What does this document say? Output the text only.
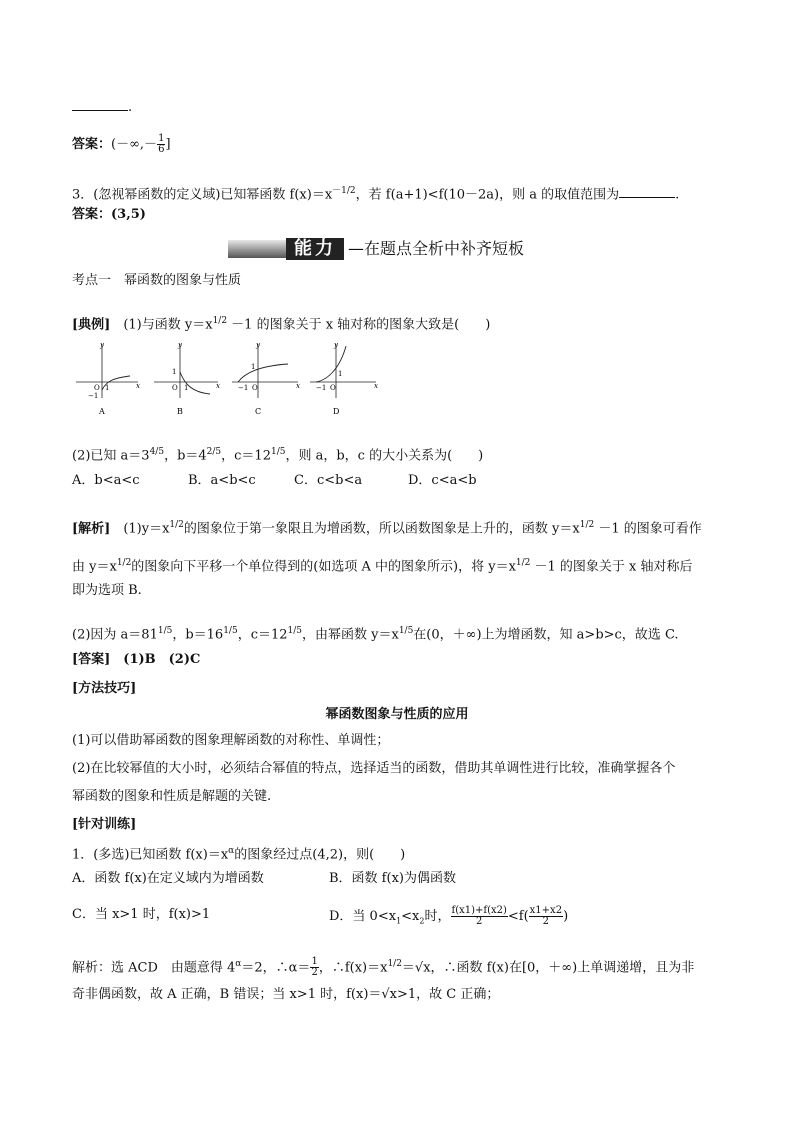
.
答案：(－∞,－ $\frac{1}{6}$ ]
3．(忽视幂函数的定义域)已知幂函数 $f(x)=x^{-1/2}$，若 f(a+1)<f(10－2a)，则 a 的取值范围为	.
答案：(3,5)
能力 —在题点全析中补齐短板
考点一　幂函数的图象与性质
[典例]　 (1)与函数 $y=x^{1/2} -1$ 的图象关于 x 轴对称的图象大致是(　　)
y
x
O 1
−1
A
y
x
1
O 1
B
y
x
1
−1 O
C
y
x
1
−1 O
D
(2)已知 $a=3^{4/5}$，$b=4^{2/5}$，$c=12^{1/5}$，则 a，b，c 的大小关系为(　　)
A．b<a<c	B．a<b<c	C．c<b<a	D．c<a<b
[解析]　 $(1)y=x^{1/2}$的图象位于第一象限且为增函数，所以函数图象是上升的，函数 $y=x^{1/2} -1$ 的图象可看作
由 $y=x^{1/2}$的图象向下平移一个单位得到的(如选项 A 中的图象所示)，将 $y=x^{1/2} -1$ 的图象关于 x 轴对称后
即为选项 B.
(2)因为 $a=81^{1/5}$，$b=16^{1/5}$，$c=12^{1/5}$，由幂函数 $y=x^{1/5}$在(0，＋∞)上为增函数，知 a>b>c，故选 C.
[答案]　(1)B　(2)C
[方法技巧]
幂函数图象与性质的应用
(1)可以借助幂函数的图象理解函数的对称性、单调性；
(2)在比较幂值的大小时，必须结合幂值的特点，选择适当的函数，借助其单调性进行比较，准确掌握各个
幂函数的图象和性质是解题的关键.
[针对训练]
1．(多选)已知函数 $f(x)=x^\alpha$的图象经过点(4,2)，则(　　)
A．函数 f(x)在定义域内为增函数	B．函数 f(x)为偶函数
C．当 x>1 时，f(x)>1	D．当 $0<x_1<x_2$时， $\frac{f(x1)+f(x2)}{2} <f( \frac{x1+x2}{2}$ )
解析：选 ACD　由题意得 $4^\alpha=2$，∴α＝ $\frac{1}{2}$ ，$\therefore f(x)=x^{1/2}=√x$，∴函数 f(x)在[0，＋∞)上单调递增，且为非
奇非偶函数，故 A 正确，B 错误；当 x>1 时，f(x)＝√x>1，故 C 正确；
